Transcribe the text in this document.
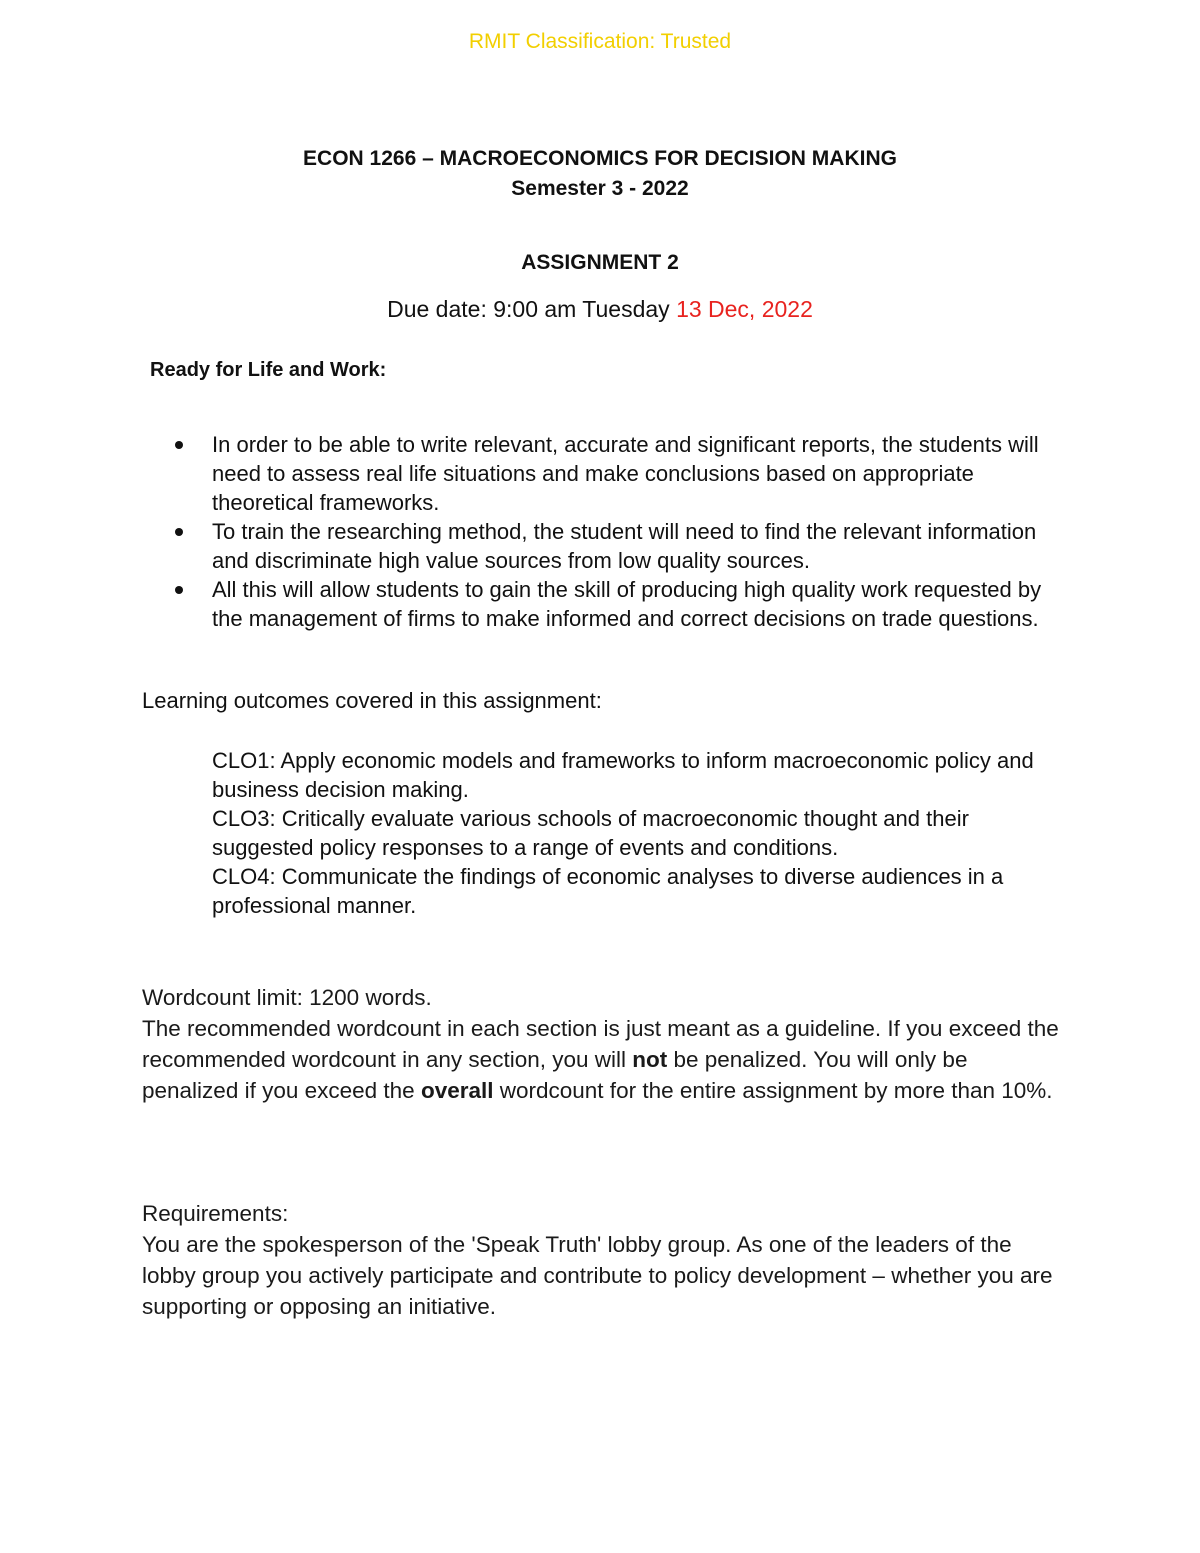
RMIT Classification: Trusted
ECON 1266 – MACROECONOMICS FOR DECISION MAKING
Semester 3 - 2022
ASSIGNMENT 2
Due date: 9:00 am Tuesday 13 Dec, 2022
Ready for Life and Work:
In order to be able to write relevant, accurate and significant reports, the students will need to assess real life situations and make conclusions based on appropriate theoretical frameworks.
To train the researching method, the student will need to find the relevant information and discriminate high value sources from low quality sources.
All this will allow students to gain the skill of producing high quality work requested by the management of firms to make informed and correct decisions on trade questions.
Learning outcomes covered in this assignment:
CLO1: Apply economic models and frameworks to inform macroeconomic policy and business decision making.
CLO3: Critically evaluate various schools of macroeconomic thought and their suggested policy responses to a range of events and conditions.
CLO4: Communicate the findings of economic analyses to diverse audiences in a professional manner.

Wordcount limit: 1200 words.

The recommended wordcount in each section is just meant as a guideline. If you exceed the recommended wordcount in any section, you will not be penalized. You will only be penalized if you exceed the overall wordcount for the entire assignment by more than 10%.

Requirements:

You are the spokesperson of the 'Speak Truth' lobby group. As one of the leaders of the lobby group you actively participate and contribute to policy development – whether you are supporting or opposing an initiative.
